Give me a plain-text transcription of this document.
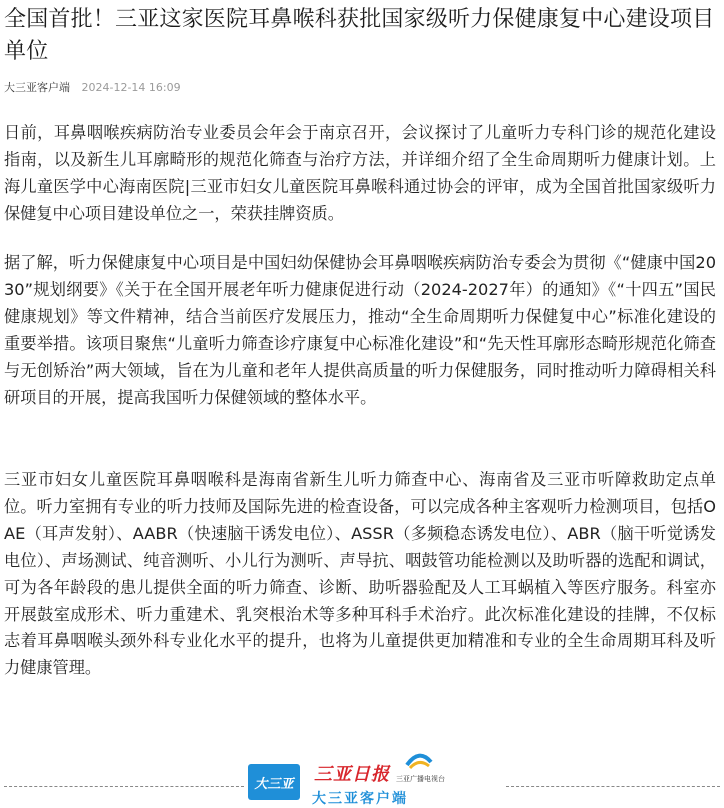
全国首批！三亚这家医院耳鼻喉科获批国家级听力保健康复中心建设项目单位
大三亚客户端 2024-12-14 16:09

日前，耳鼻咽喉疾病防治专业委员会年会于南京召开，会议探讨了儿童听力专科门诊的规范化建设指南，以及新生儿耳廓畸形的规范化筛查与治疗方法，并详细介绍了全生命周期听力健康计划。上海儿童医学中心海南医院|三亚市妇女儿童医院耳鼻喉科通过协会的评审，成为全国首批国家级听力保健复中心项目建设单位之一，荣获挂牌资质。

据了解，听力保健康复中心项目是中国妇幼保健协会耳鼻咽喉疾病防治专委会为贯彻《“健康中国2030”规划纲要》《关于在全国开展老年听力健康促进行动（2024-2027年）的通知》《“十四五”国民健康规划》等文件精神，结合当前医疗发展压力，推动“全生命周期听力保健复中心”标准化建设的重要举措。该项目聚焦“儿童听力筛查诊疗康复中心标准化建设”和“先天性耳廓形态畸形规范化筛查与无创矫治”两大领域，旨在为儿童和老年人提供高质量的听力保健服务，同时推动听力障碍相关科研项目的开展，提高我国听力保健领域的整体水平。

三亚市妇女儿童医院耳鼻咽喉科是海南省新生儿听力筛查中心、海南省及三亚市听障救助定点单位。听力室拥有专业的听力技师及国际先进的检查设备，可以完成各种主客观听力检测项目，包括OAE（耳声发射）、AABR（快速脑干诱发电位）、ASSR（多频稳态诱发电位）、ABR（脑干听觉诱发电位）、声场测试、纯音测听、小儿行为测听、声导抗、咽鼓管功能检测以及助听器的选配和调试，可为各年龄段的患儿提供全面的听力筛查、诊断、助听器验配及人工耳蜗植入等医疗服务。科室亦开展鼓室成形术、听力重建术、乳突根治术等多种耳科手术治疗。此次标准化建设的挂牌，不仅标志着耳鼻咽喉头颈外科专业化水平的提升，也将为儿童提供更加精准和专业的全生命周期耳科及听力健康管理。

大三亚	三亚日报 三亚广播电视台
大三亚客户端
